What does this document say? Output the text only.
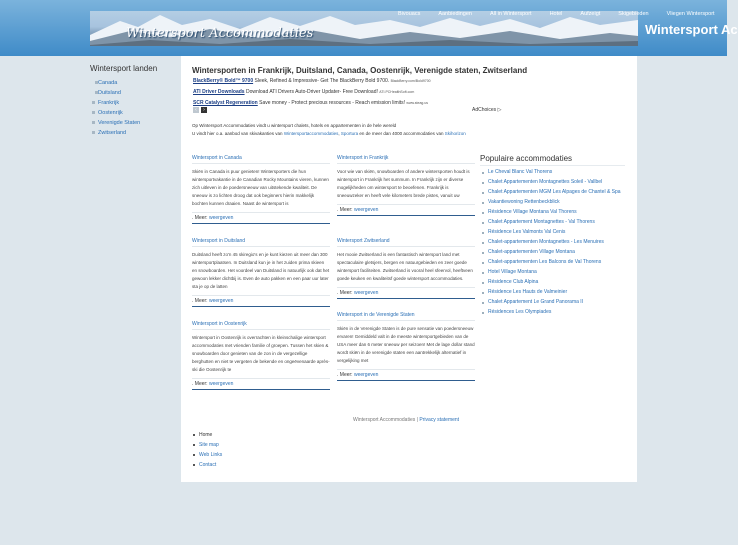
Wintersport Accommodaties
Bivouacs	Aanbiedingen	All in Wintersport	Hotel	Aufzeigt	Skigebieden	Vliegen Wintersport
Wintersport Ac
Wintersport landen
Canada
Duitsland
Frankrijk
Oostenrijk
Verenigde Staten
Zwitserland
Wintersporten in Frankrijk, Duitsland, Canada, Oostenrijk, Verenigde staten, Zwitserland
BlackBerry® Bold™ 9700 Sleek, Refined & Impressive- Get The BlackBerry Bold 9700. BlackBerry.com/Bold9700
ATI Driver Downloads Download ATI Drivers Auto-Driver Updater- Free Download! ATI.PCHealthSoft.com
SCR Catalyst Regeneration Save money - Protect precious resources - Reach emission limits! www.steag.us
‹	›	AdChoices ▷
Op Wintersport Accommodaties vindt u wintersport chalets, hotels en appartementen in de hele wereld
U vindt hier o.a. aanbod van skivakanties van Wintersportaccommodaties, Sportura en de meer dan 4000 accommodaties van Skihorizon
Wintersport in Canada
Skiën in Canada is puur genieten! Wintersporters die hun wintersportvakantie in de Canadian Rocky Mountains vieren, kunnen zich uitleven in de poedersneeuw van uitstekende kwaliteit. De sneeuw is zo lichten droog dat ook beginners hierin makkelijk bochten kunnen draaien. Naast de wintersport is
. Meer: weergeven
Wintersport in Frankrijk
Voor wie van skiën, snowboarden of andere wintersporten houdt is wintersport in Frankrijk het summum. In Frankrijk zijn er diverse mogelijkheden om wintersport te beoefenen. Frankrijk is sneeuwzeker en heeft vele kilometers brede pistes, vanuit uw
. Meer: weergeven
Wintersport in Duitsland
Duitsland heeft zo'n 45 skiregio's en je kunt kiezen uit meer dan 300 wintersportplaatsen. In Duitsland kun je in het zuiden prima skieen en snowboarden. Het voordeel van Duitsland is natuurlijk ook dat het gewoon lekker dichtbij is. Even de auto pakken en een paar uur later sta je op de latten
. Meer: weergeven
Wintersport Zwitserland
Het mooie Zwitserland is een fantastisch wintersport land met spectaculaire gletsjers, bergen en natuurgebieden en zeer goede wintersport faciliteiten. Zwitserland is vooral heel sfeervol, heeftveen goede keuken en kwaliteitsf goede wintersport accommodaties.
. Meer: weergeven
Wintersport in Oostenrijk
Wintersport in Oostenrijk is overrachten in kleinschalige wintersport accommodaties met vrienden familie of groepen. Tussen het skien & snowboarden door genieten van de zon in de vergezellige berghutten en niet te vergeten de bekende en ongeëvenaarde après-ski die Oostenrijk te
. Meer: weergeven
Wintersport in de Verenigde Staten
Skiën in de Verenigde Staten is de pure sensatie van poedersneeuw ervaren! Gemiddeld valt in de meeste wintersportgebieden van de USA meer dan 6 meter sneeuw per seizoen! Met de lage dollar stand wordt skiën in de verenigde staten een aantrekkelijk alternatief in vergelijking met
. Meer: weergeven
Populaire accommodaties
Le Cheval Blanc Val Thorens
Chalet Appartementen Montagnettes Soleil - Vallbel
Chalet Appartementen MGM Les Alpages de Chantel & Spa
Vakantiewoning Rettenbeckblick
Résidence Village Montana Val Thorens
Chalet Appartement Montagnettes - Val Thorens
Résidence Les Valmonts Val Cenis
Chalet-appartementen Montagnettes - Les Menuires
Chalet-appartementen Village Montana
Chalet-appartementen Les Balcons de Val Thorens
Hotel Village Montana
Résidence Club Alpina
Résidence Les Hauts de Valmeinier
Chalet Appartement Le Grand Panorama II
Résidences Les Olympiades
Wintersport Accommodaties | Privacy statement
Home
Site map
Web Links
Contact
